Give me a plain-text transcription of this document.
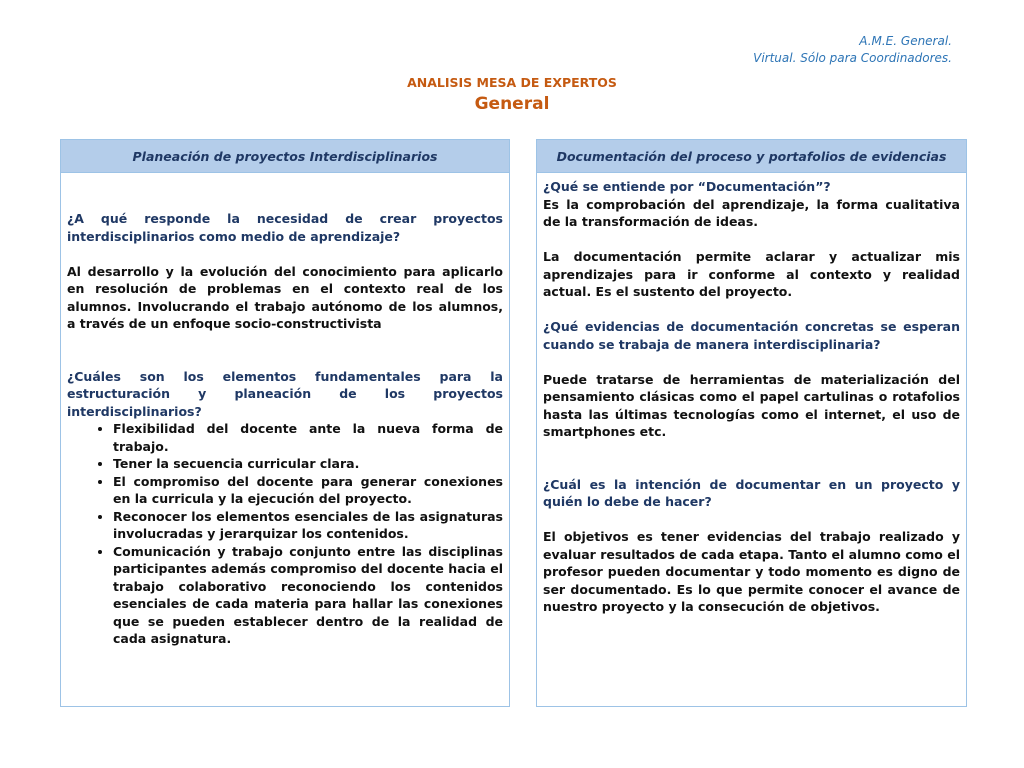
A.M.E. General.
Virtual. Sólo para Coordinadores.
ANALISIS MESA DE EXPERTOS
General
Planeación de proyectos Interdisciplinarios

¿A qué responde la necesidad de crear proyectos interdisciplinarios como medio de aprendizaje?

Al desarrollo y la evolución del conocimiento para aplicarlo en resolución de problemas en el contexto real de los alumnos. Involucrando el trabajo autónomo de los alumnos, a través de un enfoque socio-constructivista

¿Cuáles son los elementos fundamentales para la estructuración y planeación de los proyectos interdisciplinarios?

• Flexibilidad del docente ante la nueva forma de trabajo.
• Tener la secuencia curricular clara.
• El compromiso del docente para generar conexiones en la curricula y la ejecución del proyecto.
• Reconocer los elementos esenciales de las asignaturas involucradas y jerarquizar los contenidos.
• Comunicación y trabajo conjunto entre las disciplinas participantes además compromiso del docente hacia el trabajo colaborativo reconociendo los contenidos esenciales de cada materia para hallar las conexiones que se pueden establecer dentro de la realidad de cada asignatura.
Documentación del proceso y portafolios de evidencias

¿Qué se entiende por “Documentación”?

Es la comprobación del aprendizaje, la forma cualitativa de la transformación de ideas.

La documentación permite aclarar y actualizar mis aprendizajes para ir conforme al contexto y realidad actual. Es el sustento del proyecto.

¿Qué evidencias de documentación concretas se esperan cuando se trabaja de manera interdisciplinaria?

Puede tratarse de herramientas de materialización del pensamiento clásicas como el papel cartulinas o rotafolios hasta las últimas tecnologías como el internet, el uso de smartphones etc.

¿Cuál es la intención de documentar en un proyecto y quién lo debe de hacer?

El objetivos es tener evidencias del trabajo realizado y evaluar resultados de cada etapa. Tanto el alumno como el profesor pueden documentar y todo momento es digno de ser documentado. Es lo que permite conocer el avance de nuestro proyecto y la consecución de objetivos.
